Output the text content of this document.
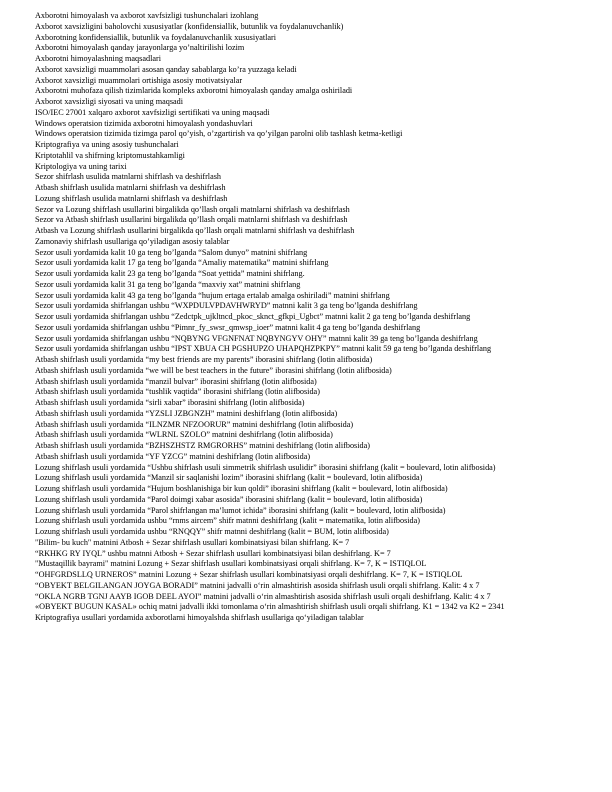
Axborotni himoyalash va axborot xavfsizligi tushunchalari izohlang
Axborot xavsizligini baholovchi xususiyatlar (konfidensiallik, butunlik va foydalanuvchanlik)
Axborotning konfidensiallik, butunlik va foydalanuvchanlik xususiyatlari
Axborotni himoyalash qanday jarayonlarga yo’naltirilishi lozim
Axborotni himoyalashning maqsadlari
Axborot xavsizligi muammolari asosan qanday sabablarga ko’ra yuzzaga keladi
Axborot xavsizligi muammolari ortishiga asosiy motivatsiyalar
Axborotni muhofaza qilish tizimlarida kompleks axborotni himoyalash qanday amalga oshiriladi
Axborot xavsizligi siyosati va uning maqsadi
ISO/IEC 27001 xalqaro axborot xavfsizligi sertifikati va uning maqsadi
Windows operatsion tizimida axborotni himoyalash yondashuvlari
Windows operatsion tizimida tizimga parol qo’yish, o’zgartirish va qo’yilgan parolni olib tashlash ketma-ketligi
Kriptografiya va uning asosiy tushunchalari
Kriptotahlil va shifrning kriptomustahkamligi
Kriptologiya va uning tarixi
Sezor shifrlash usulida matnlarni shifrlash va deshifrlash
Atbash shifrlash usulida matnlarni shifrlash va deshifrlash
Lozung shifrlash usulida matnlarni shifrlash va deshifrlash
Sezor va Lozung shifrlash usullarini birgalikda qo’llash orqali matnlarni shifrlash va deshifrlash
Sezor va Atbash shifrlash usullarini birgalikda qo’llash orqali matnlarni shifrlash va deshifrlash
Atbash va Lozung shifrlash usullarini birgalikda qo’llash orqali matnlarni shifrlash va deshifrlash
Zamonaviy shifrlash usullariga qo’yiladigan asosiy talablar
Sezor usuli yordamida kalit 10 ga teng bo’lganda “Salom dunyo” matnini shifrlang
Sezor usuli yordamida kalit 17 ga teng bo’lganda “Amaliy matematika” matnini shifrlang
Sezor usuli yordamida kalit 23 ga teng bo’lganda “Soat yettida” matnini shifrlang.
Sezor usuli yordamida kalit 31 ga teng bo’lganda “maxviy xat” matnini shifrlang
Sezor usuli yordamida kalit 43 ga teng bo’lganda “hujum ertaga ertalab amalga oshiriladi” matnini shifrlang
Sezor usuli yordamida shifrlangan ushbu “WXPDULVPDAVHWRYD” matnni kalit 3 ga teng bo’lganda deshifrlang
Sezor usuli yordamida shifrlangan ushbu “Zedctpk_ujkltncd_pkoc_sknct_gfkpi_Ugbct” matnni kalit 2 ga teng bo’lganda deshifrlang
Sezor usuli yordamida shifrlangan ushbu “Pimnr_fy_swsr_qmwsp_ioer” matnni kalit 4 ga teng bo’lganda deshifrlang
Sezor usuli yordamida shifrlangan ushbu “NQBYNG VFGNFNAT NQBYNGYV OHY” matnni kalit 39 ga teng bo’lganda deshifrlang
Sezor usuli yordamida shifrlangan ushbu “IPST XBUA CH PGSHUPZO UHAPQHZPKPY” matnni kalit 59 ga teng bo’lganda deshifrlang
Atbash shifrlash usuli yordamida “my best friends are my parents” iborasini shifrlang (lotin alifbosida)
Atbash shifrlash usuli yordamida “we will be best teachers in the future” iborasini shifrlang (lotin alifbosida)
Atbash shifrlash usuli yordamida “manzil bulvar” iborasini shifrlang (lotin alifbosida)
Atbash shifrlash usuli yordamida “tushlik vaqtida” iborasini shifrlang (lotin alifbosida)
Atbash shifrlash usuli yordamida “sirli xabar” iborasini shifrlang (lotin alifbosida)
Atbash shifrlash usuli yordamida “YZSLI JZBGNZH” matnini deshifrlang (lotin alifbosida)
Atbash shifrlash usuli yordamida “ILNZMR NFZOORUR” matnini deshifrlang (lotin alifbosida)
Atbash shifrlash usuli yordamida “WLRNL SZOLO” matnini deshifrlang (lotin alifbosida)
Atbash shifrlash usuli yordamida “BZHSZHSTZ RMGRORHS” matnini deshifrlang (lotin alifbosida)
Atbash shifrlash usuli yordamida “YF YZCG” matnini deshifrlang (lotin alifbosida)
Lozung shifrlash usuli yordamida “Ushbu shifrlash usuli simmetrik shifrlash usulidir” iborasini shifrlang (kalit = boulevard, lotin alifbosida)
Lozung shifrlash usuli yordamida “Manzil sir saqlanishi lozim” iborasini shifrlang (kalit = boulevard, lotin alifbosida)
Lozung shifrlash usuli yordamida “Hujum boshlanishiga bir kun qoldi” iborasini shifrlang (kalit = boulevard, lotin alifbosida)
Lozung shifrlash usuli yordamida “Parol doimgi xabar asosida” iborasini shifrlang (kalit = boulevard, lotin alifbosida)
Lozung shifrlash usuli yordamida “Parol shifrlangan ma’lumot ichida” iborasini shifrlang (kalit = boulevard, lotin alifbosida)
Lozung shifrlash usuli yordamida ushbu “rnms aircem” shifr matnni deshifrlang (kalit = matematika, lotin alifbosida)
Lozung shifrlash usuli yordamida ushbu “RNQQY” shifr matnni deshifrlang (kalit = BUM, lotin alifbosida)
"Bilim- bu kuch" matnini Atbosh + Sezar shifrlash usullari kombinatsiyasi bilan shifrlang. K= 7
“RKHKG RY IYQL” ushbu matnni Atbosh + Sezar shifrlash usullari kombinatsiyasi bilan deshifrlang. K= 7
"Mustaqillik bayrami" matnini Lozung + Sezar shifrlash usullari kombinatsiyasi orqali shifrlang. K= 7, K = ISTIQLOL
“OHFGRDSLLQ URNEROS” matnini Lozung + Sezar shifrlash usullari kombinatsiyasi orqali deshifrlang. K= 7, K = ISTIQLOL
“OBYEKT BELGILANGAN JOYGA BORADI” matnini jadvalli o‘rin almashtirish asosida shifrlash usuli orqali shifrlang. Kalit: 4 x 7
“OKLA NGRB TGNJ AAYB IGOB DEEL AYOI” matnini jadvalli o‘rin almashtirish asosida shifrlash usuli orqali deshifrlang. Kalit: 4 x 7
«OBYEKT BUGUN KASAL» ochiq matni jadvalli ikki tomonlama o‘rin almashtirish shifrlash usuli orqali shifrlang. K1 = 1342 va K2 = 2341
Kriptografiya usullari yordamida axborotlarni himoyalshda shifrlash usullariga qo‘yiladigan talablar
